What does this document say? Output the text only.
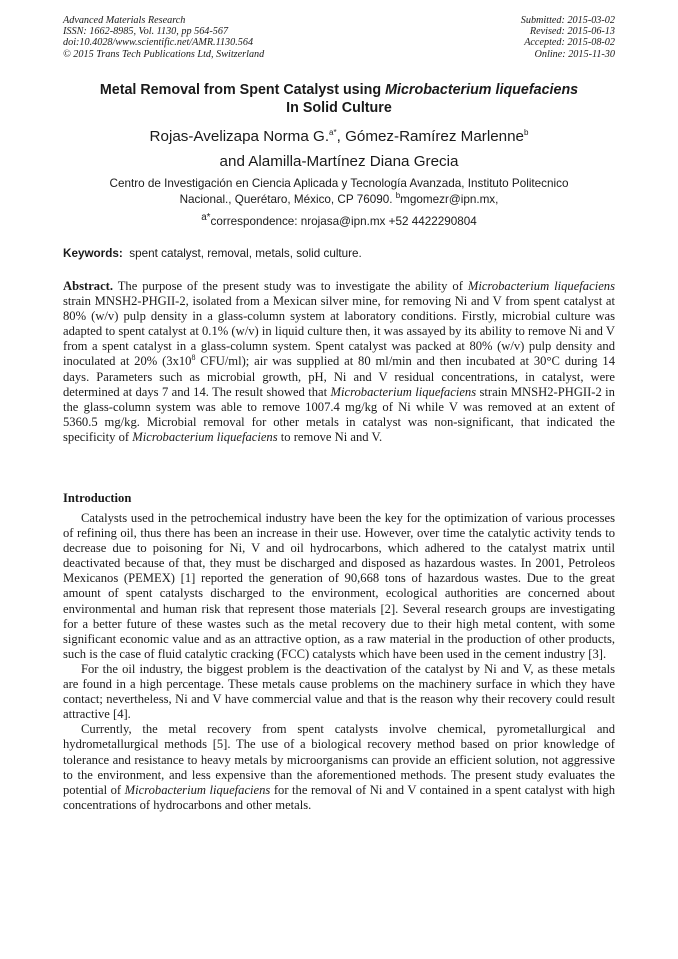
Advanced Materials Research
ISSN: 1662-8985, Vol. 1130, pp 564-567
doi:10.4028/www.scientific.net/AMR.1130.564
© 2015 Trans Tech Publications Ltd, Switzerland
Submitted: 2015-03-02
Revised: 2015-06-13
Accepted: 2015-08-02
Online: 2015-11-30
Metal Removal from Spent Catalyst using Microbacterium liquefaciens
In Solid Culture
Rojas-Avelizapa Norma G.$^{a*}$, Gómez-Ramírez Marlenne$^b$
and Alamilla-Martínez Diana Grecia
Centro de Investigación en Ciencia Aplicada y Tecnología Avanzada, Instituto Politecnico
Nacional., Querétaro, México, CP 76090. $^b$mgomezr@ipn.mx,
$^{a*}$correspondence: nrojasa@ipn.mx +52 4422290804
Keywords:  spent catalyst, removal, metals, solid culture.

Abstract. The purpose of the present study was to investigate the ability of Microbacterium liquefaciens strain MNSH2-PHGII-2, isolated from a Mexican silver mine, for removing Ni and V from spent catalyst at 80% (w/v) pulp density in a glass-column system at laboratory conditions. Firstly, microbial culture was adapted to spent catalyst at 0.1% (w/v) in liquid culture then, it was assayed by its ability to remove Ni and V from a spent catalyst in a glass-column system. Spent catalyst was packed at 80% (w/v) pulp density and inoculated at 20% ($3x10^8$ CFU/ml); air was supplied at 80 ml/min and then incubated at 30°C during 14 days. Parameters such as microbial growth, pH, Ni and V residual concentrations, in catalyst, were determined at days 7 and 14. The result showed that Microbacterium liquefaciens strain MNSH2-PHGII-2 in the glass-column system was able to remove 1007.4 mg/kg of Ni while V was removed at an extent of 5360.5 mg/kg. Microbial removal for other metals in catalyst was non-significant, that indicated the specificity of Microbacterium liquefaciens to remove Ni and V.

Introduction

Catalysts used in the petrochemical industry have been the key for the optimization of various processes of refining oil, thus there has been an increase in their use. However, over time the catalytic activity tends to decrease due to poisoning for Ni, V and oil hydrocarbons, which adhered to the catalyst matrix until deactivated because of that, they must be discharged and disposed as hazardous wastes. In 2001, Petroleos Mexicanos (PEMEX) [1] reported the generation of 90,668 tons of hazardous wastes. Due to the great amount of spent catalysts discharged to the environment, ecological authorities are concerned about environmental and human risk that represent those materials [2]. Several research groups are investigating for a better future of these wastes such as the metal recovery due to their high metal content, with some significant economic value and as an attractive option, as a raw material in the production of other products, such is the case of fluid catalytic cracking (FCC) catalysts which have been used in the cement industry [3].

For the oil industry, the biggest problem is the deactivation of the catalyst by Ni and V, as these metals are found in a high percentage. These metals cause problems on the machinery surface in which they have contact; nevertheless, Ni and V have commercial value and that is the reason why their recovery could result attractive [4].

Currently, the metal recovery from spent catalysts involve chemical, pyrometallurgical and hydrometallurgical methods [5]. The use of a biological recovery method based on prior knowledge of tolerance and resistance to heavy metals by microorganisms can provide an efficient solution, not aggressive to the environment, and less expensive than the aforementioned methods. The present study evaluates the potential of Microbacterium liquefaciens for the removal of Ni and V contained in a spent catalyst with high concentrations of hydrocarbons and other metals.
